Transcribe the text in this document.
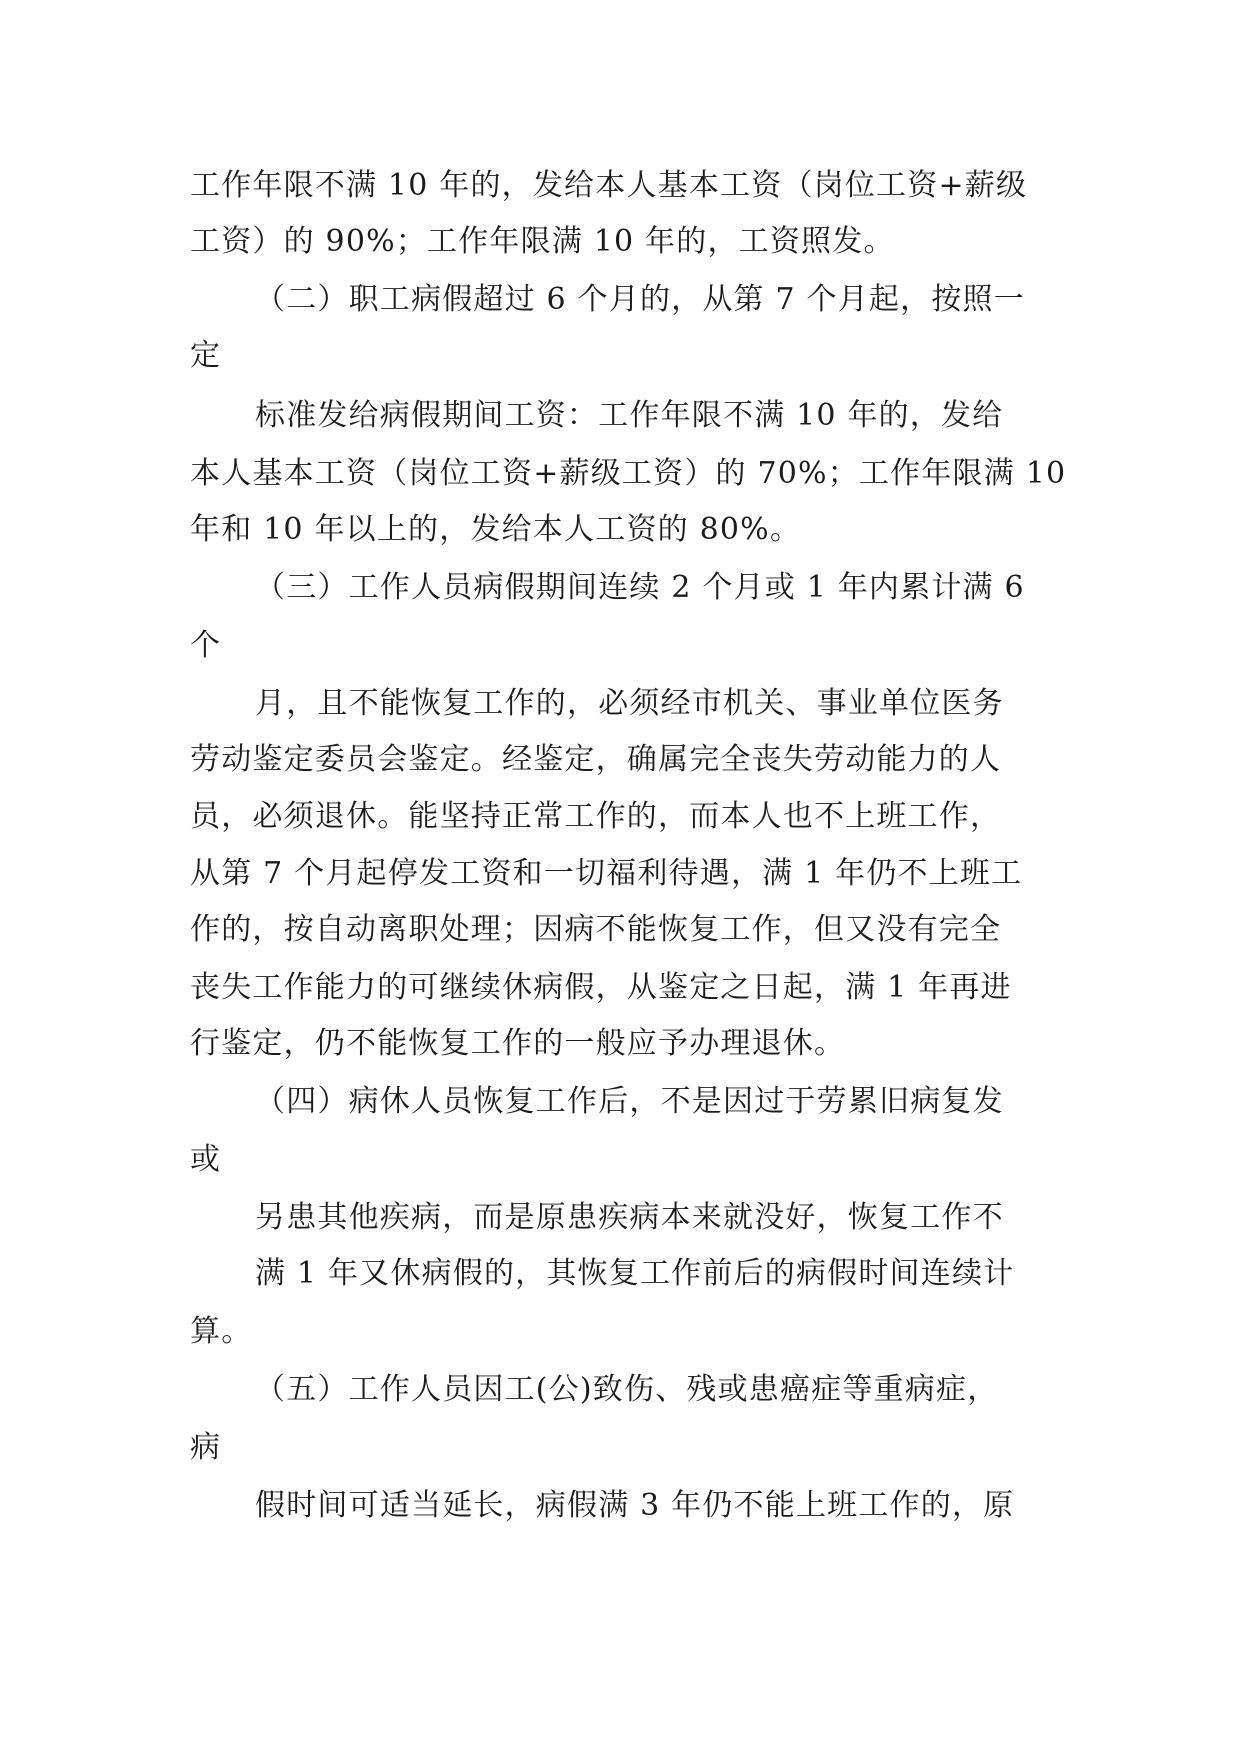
工作年限不满 10 年的，发给本人基本工资（岗位工资+薪级
工资）的 90%；工作年限满 10 年的，工资照发。
（二）职工病假超过 6 个月的，从第 7 个月起，按照一
定
标准发给病假期间工资：工作年限不满 10 年的，发给
本人基本工资（岗位工资+薪级工资）的 70%；工作年限满 10
年和 10 年以上的，发给本人工资的 80%。
（三）工作人员病假期间连续 2 个月或 1 年内累计满 6
个
月，且不能恢复工作的，必须经市机关、事业单位医务
劳动鉴定委员会鉴定。经鉴定，确属完全丧失劳动能力的人
员，必须退休。能坚持正常工作的，而本人也不上班工作，
从第 7 个月起停发工资和一切福利待遇，满 1 年仍不上班工
作的，按自动离职处理；因病不能恢复工作，但又没有完全
丧失工作能力的可继续休病假，从鉴定之日起，满 1 年再进
行鉴定，仍不能恢复工作的一般应予办理退休。
（四）病休人员恢复工作后，不是因过于劳累旧病复发
或
另患其他疾病，而是原患疾病本来就没好，恢复工作不
满 1 年又休病假的，其恢复工作前后的病假时间连续计
算。
（五）工作人员因工(公)致伤、残或患癌症等重病症，
病
假时间可适当延长，病假满 3 年仍不能上班工作的，原
